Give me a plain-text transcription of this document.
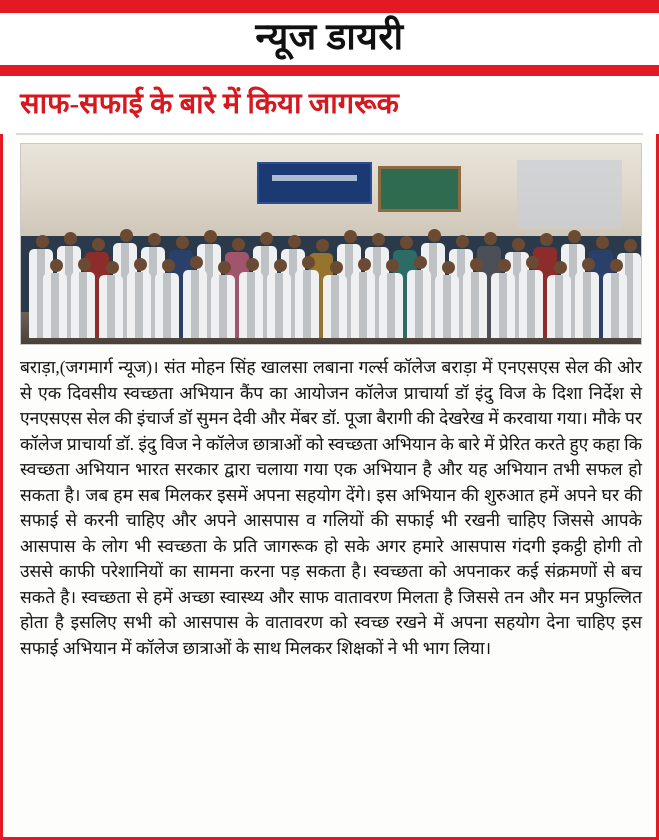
न्यूज डायरी
साफ-सफाई के बारे में किया जागरूक

बराड़ा,(जगमार्ग न्यूज)। संत मोहन सिंह खालसा लबाना गर्ल्स कॉलेज बराड़ा में एनएसएस सेल की ओर से एक दिवसीय स्वच्छता अभियान कैंप का आयोजन कॉलेज प्राचार्या डॉ इंदु विज के दिशा निर्देश से एनएसएस सेल की इंचार्ज डॉ सुमन देवी और मेंबर डॉ. पूजा बैरागी की देखरेख में करवाया गया। मौके पर कॉलेज प्राचार्या डॉ. इंदु विज ने कॉलेज छात्राओं को स्वच्छता अभियान के बारे में प्रेरित करते हुए कहा कि स्वच्छता अभियान भारत सरकार द्वारा चलाया गया एक अभियान है और यह अभियान तभी सफल हो सकता है। जब हम सब मिलकर इसमें अपना सहयोग देंगे। इस अभियान की शुरुआत हमें अपने घर की सफाई से करनी चाहिए और अपने आसपास व गलियों की सफाई भी रखनी चाहिए जिससे आपके आसपास के लोग भी स्वच्छता के प्रति जागरूक हो सके अगर हमारे आसपास गंदगी इकट्ठी होगी तो उससे काफी परेशानियों का सामना करना पड़ सकता है। स्वच्छता को अपनाकर कई संक्रमणों से बच सकते है। स्वच्छता से हमें अच्छा स्वास्थ्य और साफ वातावरण मिलता है जिससे तन और मन प्रफुल्लित होता है इसलिए सभी को आसपास के वातावरण को स्वच्छ रखने में अपना सहयोग देना चाहिए इस सफाई अभियान में कॉलेज छात्राओं के साथ मिलकर शिक्षकों ने भी भाग लिया।
